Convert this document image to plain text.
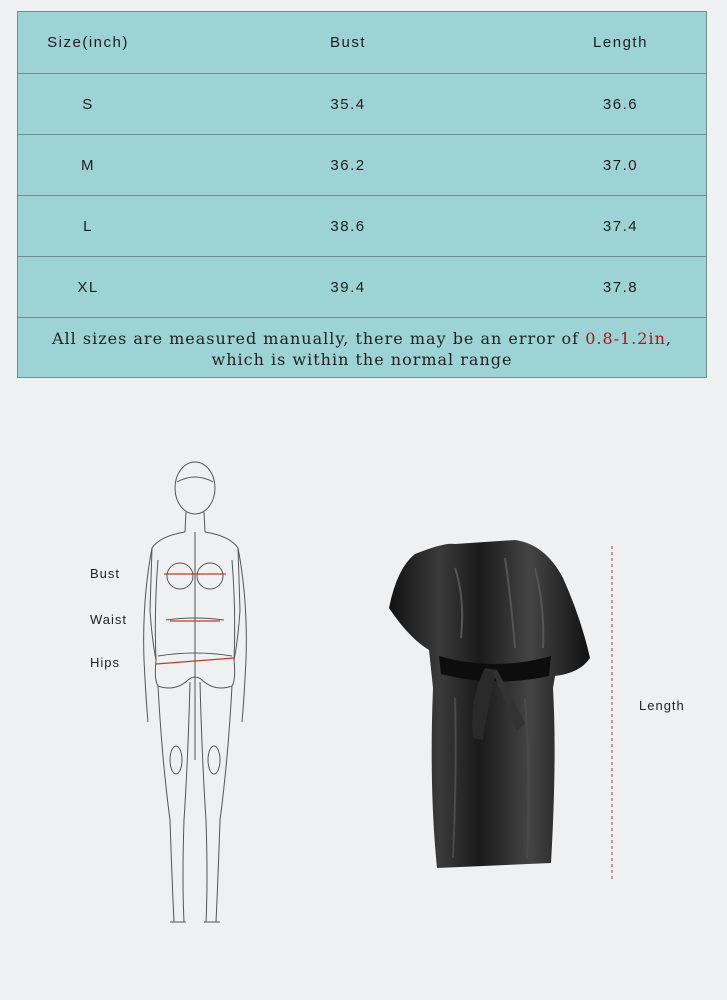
Size(inch)	Bust	Length
S	35.4	36.6
M	36.2	37.0
L	38.6	37.4
XL	39.4	37.8
All sizes are measured manually, there may be an error of 0.8-1.2in,
which is within the normal range
Bust
Waist
Hips
Length
